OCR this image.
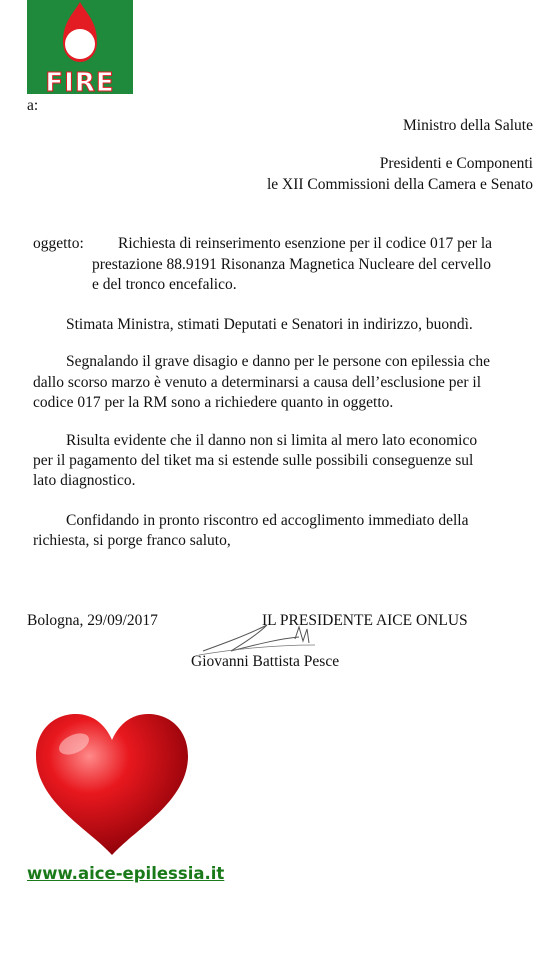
FIRE
a:
Ministro della Salute
Presidenti e Componenti
le XII Commissioni della Camera e Senato
oggetto: Richiesta di reinserimento esenzione per il codice 017 per la
prestazione 88.9191 Risonanza Magnetica Nucleare del cervello
e del tronco encefalico.
Stimata Ministra, stimati Deputati e Senatori in indirizzo, buondì.
Segnalando il grave disagio e danno per le persone con epilessia che
dallo scorso marzo è venuto a determinarsi a causa dell’esclusione per il
codice 017 per la RM sono a richiedere quanto in oggetto.
Risulta evidente che il danno non si limita al mero lato economico
per il pagamento del tiket ma si estende sulle possibili conseguenze sul
lato diagnostico.
Confidando in pronto riscontro ed accoglimento immediato della
richiesta, si porge franco saluto,
Bologna, 29/09/2017	IL PRESIDENTE AICE ONLUS
Giovanni Battista Pesce
www.aice-epilessia.it
